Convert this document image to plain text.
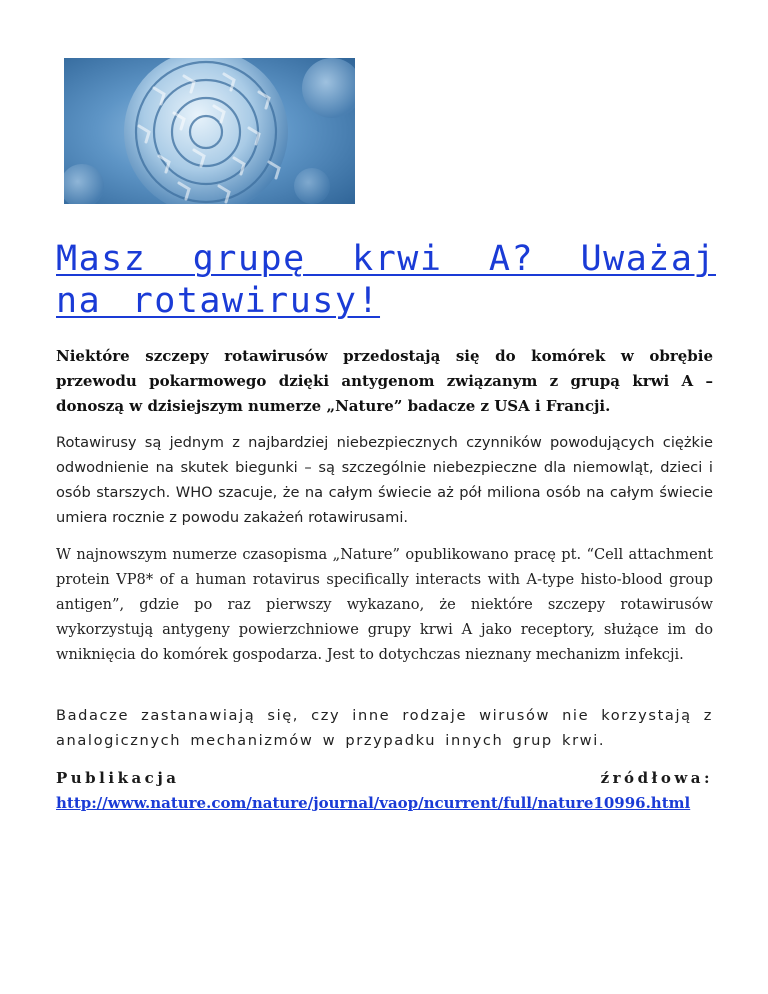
Masz grupę krwi A? Uważaj na rotawirusy!

Niektóre szczepy rotawirusów przedostają się do komórek w obrębie przewodu pokarmowego dzięki antygenom związanym z grupą krwi A – donoszą w dzisiejszym numerze „Nature” badacze z USA i Francji.

Rotawirusy są jednym z najbardziej niebezpiecznych czynników powodujących ciężkie odwodnienie na skutek biegunki – są szczególnie niebezpieczne dla niemowląt, dzieci i osób starszych. WHO szacuje, że na całym świecie aż pół miliona osób na całym świecie umiera rocznie z powodu zakażeń rotawirusami.

W najnowszym numerze czasopisma „Nature” opublikowano pracę pt. “Cell attachment protein VP8* of a human rotavirus specifically interacts with A-type histo-blood group antigen”, gdzie po raz pierwszy wykazano, że niektóre szczepy rotawirusów wykorzystują antygeny powierzchniowe grupy krwi A jako receptory, służące im do wniknięcia do komórek gospodarza. Jest to dotychczas nieznany mechanizm infekcji.

Badacze zastanawiają się, czy inne rodzaje wirusów nie korzystają z analogicznych mechanizmów w przypadku innych grup krwi.

Publikacja	źródłowa:
http://www.nature.com/nature/journal/vaop/ncurrent/full/nature10996.html
